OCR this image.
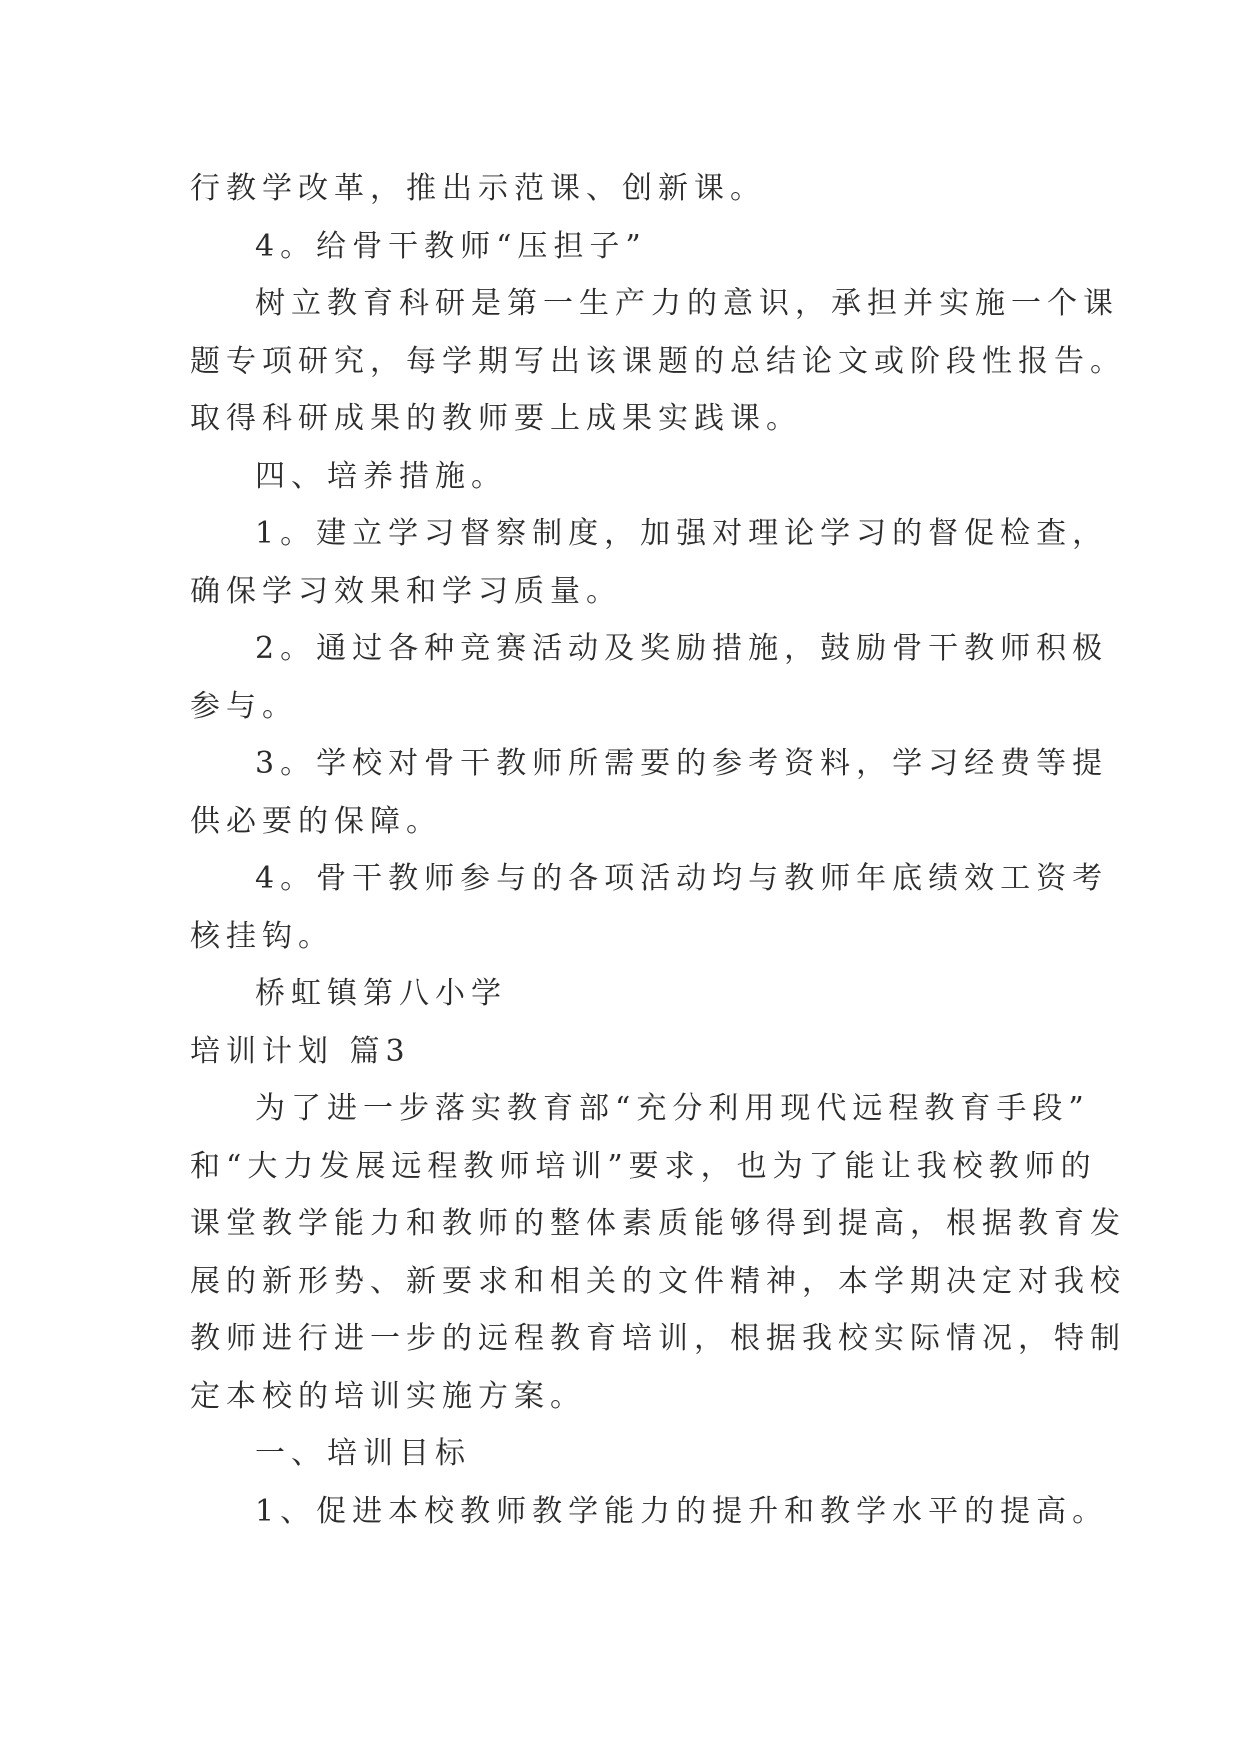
行教学改革，推出示范课、创新课。
4。给骨干教师“压担子”
树立教育科研是第一生产力的意识，承担并实施一个课
题专项研究，每学期写出该课题的总结论文或阶段性报告。
取得科研成果的教师要上成果实践课。
四、培养措施。
1。建立学习督察制度，加强对理论学习的督促检查，
确保学习效果和学习质量。
2。通过各种竞赛活动及奖励措施，鼓励骨干教师积极
参与。
3。学校对骨干教师所需要的参考资料，学习经费等提
供必要的保障。
4。骨干教师参与的各项活动均与教师年底绩效工资考
核挂钩。
桥虹镇第八小学
培训计划 篇3
为了进一步落实教育部“充分利用现代远程教育手段”
和“大力发展远程教师培训”要求，也为了能让我校教师的
课堂教学能力和教师的整体素质能够得到提高，根据教育发
展的新形势、新要求和相关的文件精神，本学期决定对我校
教师进行进一步的远程教育培训，根据我校实际情况，特制
定本校的培训实施方案。
一、培训目标
1、促进本校教师教学能力的提升和教学水平的提高。
